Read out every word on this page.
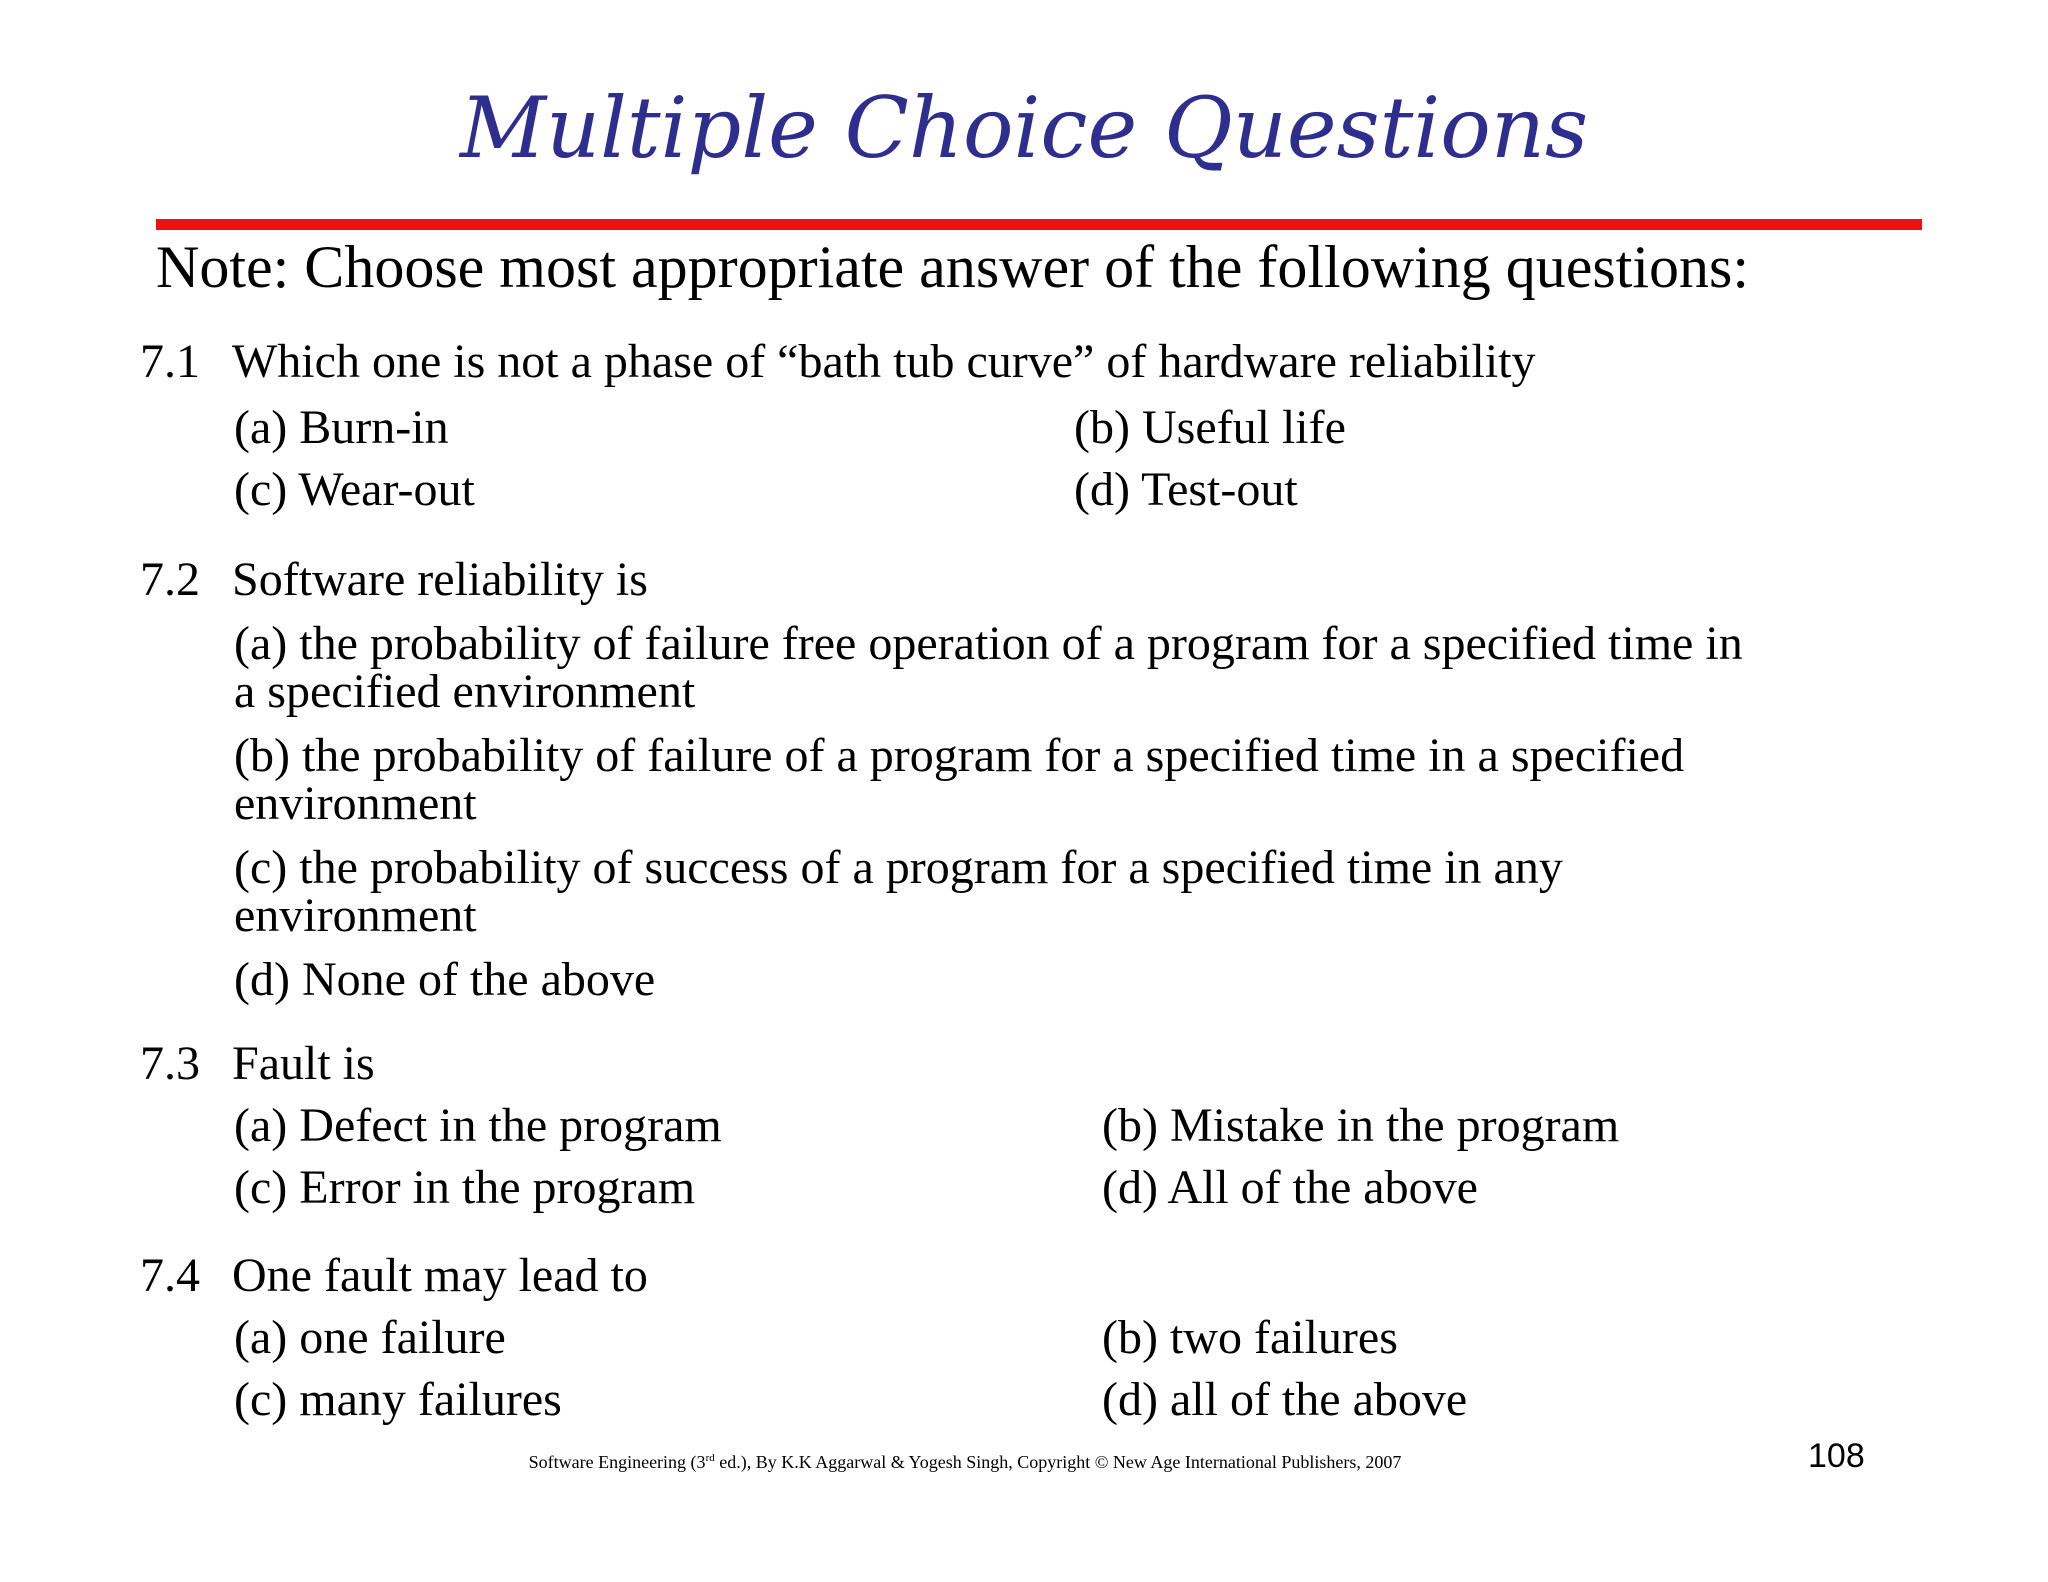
Multiple Choice Questions
Note: Choose most appropriate answer of the following questions:
7.1 Which one is not a phase of “bath tub curve” of hardware reliability
(a) Burn-in	(b) Useful life
(c) Wear-out	(d) Test-out
7.2 Software reliability is
(a) the probability of failure free operation of a program for a specified time in
a specified environment
(b) the probability of failure of a program for a specified time in a specified
environment
(c) the probability of success of a program for a specified time in any
environment
(d) None of the above
7.3 Fault is
(a) Defect in the program	(b) Mistake in the program
(c) Error in the program	(d) All of the above
7.4 One fault may lead to
(a) one failure	(b) two failures
(c) many failures	(d) all of the above
Software Engineering (3rd ed.), By K.K Aggarwal & Yogesh Singh, Copyright © New Age International Publishers, 2007	108
